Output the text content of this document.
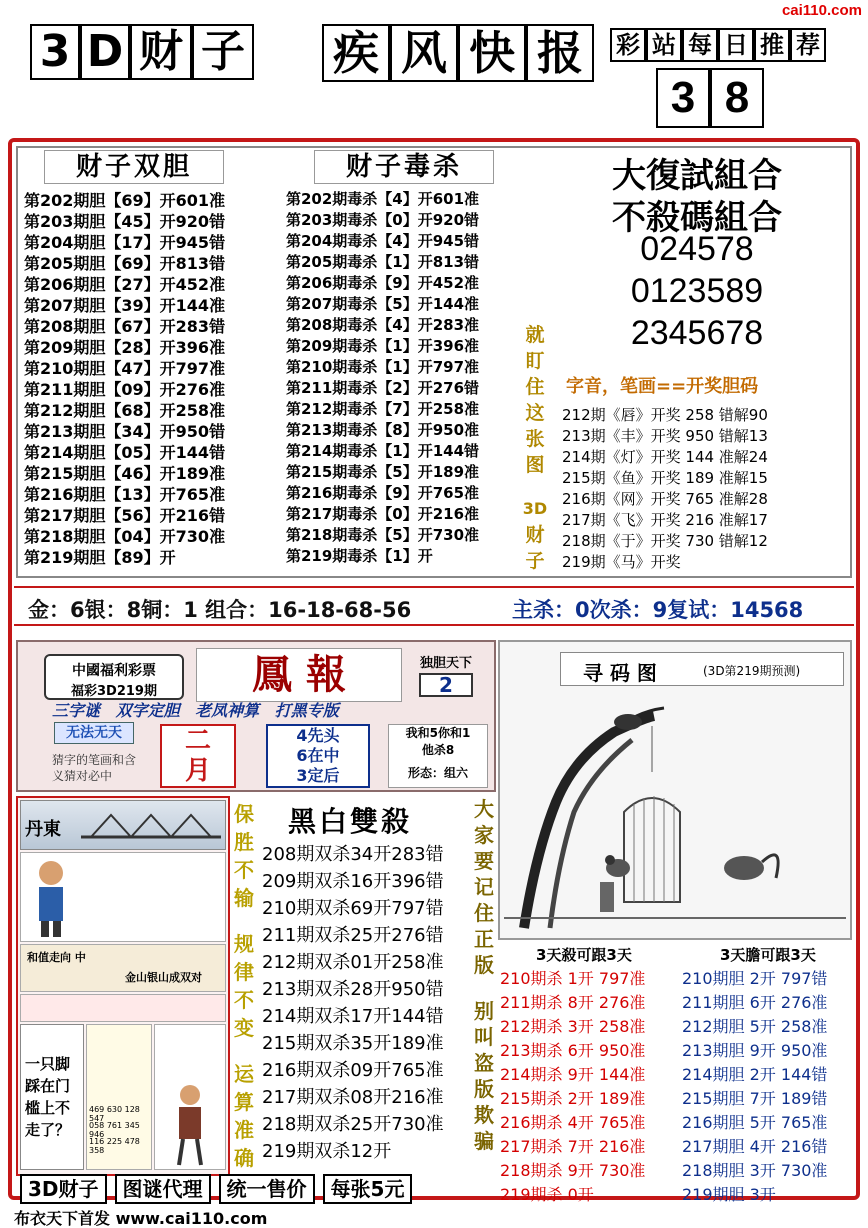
cai110.com
3 D 财 子 疾 风 快 报	彩 站 每 日 推 荐
3 8
财子双胆
第202期胆【69】开601准
第203期胆【45】开920错
第204期胆【17】开945错
第205期胆【69】开813错
第206期胆【27】开452准
第207期胆【39】开144准
第208期胆【67】开283错
第209期胆【28】开396准
第210期胆【47】开797准
第211期胆【09】开276准
第212期胆【68】开258准
第213期胆【34】开950错
第214期胆【05】开144错
第215期胆【46】开189准
第216期胆【13】开765准
第217期胆【56】开216错
第218期胆【04】开730准
第219期胆【89】开
财子毒杀
第202期毒杀【4】开601准
第203期毒杀【0】开920错
第204期毒杀【4】开945错
第205期毒杀【1】开813错
第206期毒杀【9】开452准
第207期毒杀【5】开144准
第208期毒杀【4】开283准
第209期毒杀【1】开396准
第210期毒杀【1】开797准
第211期毒杀【2】开276错
第212期毒杀【7】开258准
第213期毒杀【8】开950准
第214期毒杀【1】开144错
第215期毒杀【5】开189准
第216期毒杀【9】开765准
第217期毒杀【0】开216准
第218期毒杀【5】开730准
第219期毒杀【1】开
就
盯
住
这
张
图
3D
财
子
大復試組合
不殺碼組合
024578
0123589
2345678
字音，笔画==开奖胆码
212期《唇》开奖 258 错解90
213期《丰》开奖 950 错解13
214期《灯》开奖 144 准解24
215期《鱼》开奖 189 准解15
216期《网》开奖 765 准解28
217期《飞》开奖 216 准解17
218期《于》开奖 730 错解12
219期《马》开奖
金：6银：8铜：1 组合：16-18-68-56	主杀：0次杀：9复试：14568
中國福利彩票
福彩3D219期	鳳 報	独胆天下
2
三字谜 双字定胆 老凤神算 打黑专版
无法无天
猜字的笔画和含义猜对必中
二
月
4先头
6在中
3定后
我和5你和1
他杀8
形态：组六
寻 码 图	(3D第219期预测)
丹東
和值走向 中
金山银山成双对
一只脚踩在门槛上不走了？
469 630 128 547
058 761 345 946
116 225 478 358
保
胜
不
输
规
律
不
变
运
算
准
确
黑白雙殺
208期双杀34开283错
209期双杀16开396错
210期双杀69开797错
211期双杀25开276错
212期双杀01开258准
213期双杀28开950错
214期双杀17开144错
215期双杀35开189准
216期双杀09开765准
217期双杀08开216准
218期双杀25开730准
219期双杀12开
大
家
要
记
住
正
版
别
叫
盗
版
欺
骗
3天殺可跟3天	3天膽可跟3天
210期杀 1开 797准
211期杀 8开 276准
212期杀 3开 258准
213期杀 6开 950准
214期杀 9开 144准
215期杀 2开 189准
216期杀 4开 765准
217期杀 7开 216准
218期杀 9开 730准
219期杀 0开
210期胆 2开 797错
211期胆 6开 276准
212期胆 5开 258准
213期胆 9开 950准
214期胆 2开 144错
215期胆 7开 189错
216期胆 5开 765准
217期胆 4开 216错
218期胆 3开 730准
219期胆 3开
3D财子	图谜代理	统一售价	每张5元
布衣天下首发 www.cai110.com
